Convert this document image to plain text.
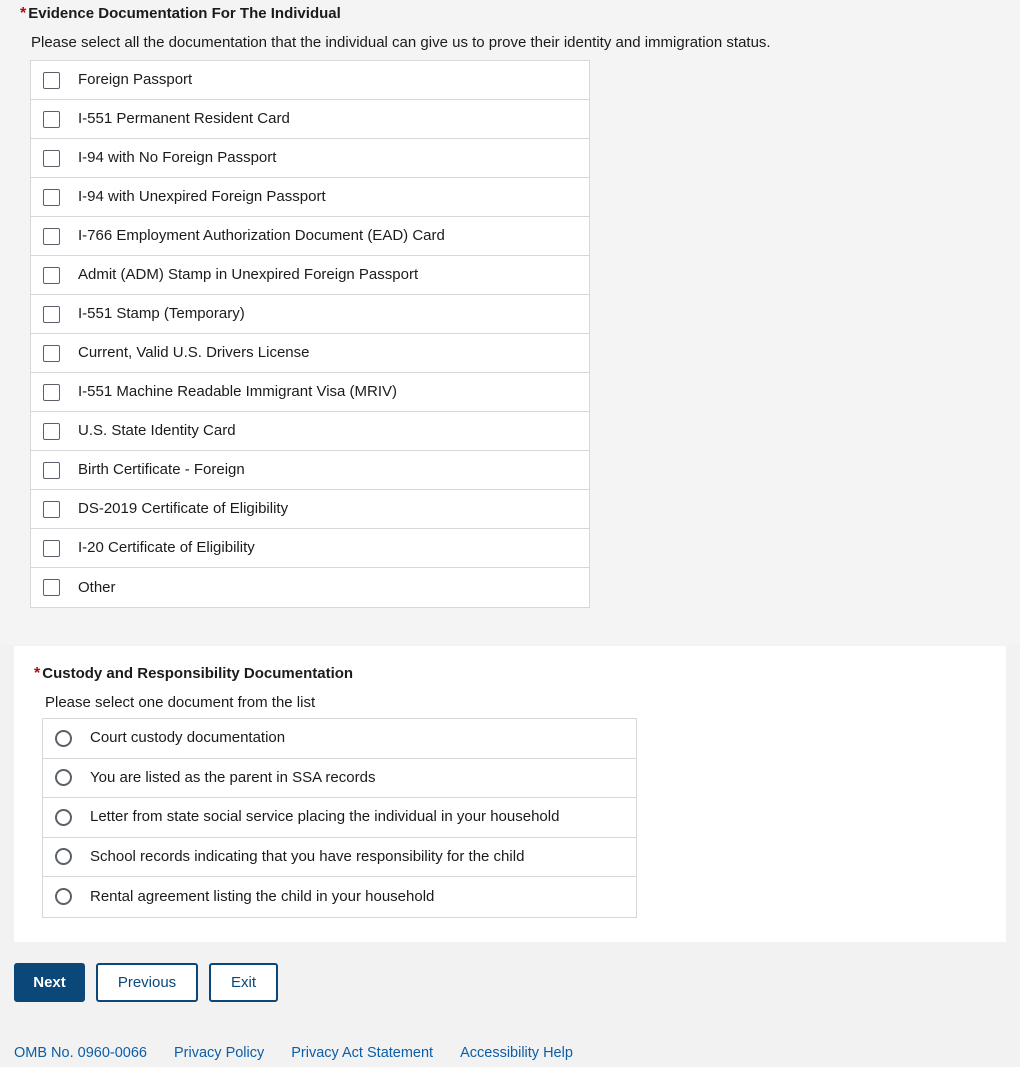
* Evidence Documentation For The Individual

Please select all the documentation that the individual can give us to prove their identity and immigration status.

Foreign Passport
I-551 Permanent Resident Card
I-94 with No Foreign Passport
I-94 with Unexpired Foreign Passport
I-766 Employment Authorization Document (EAD) Card
Admit (ADM) Stamp in Unexpired Foreign Passport
I-551 Stamp (Temporary)
Current, Valid U.S. Drivers License
I-551 Machine Readable Immigrant Visa (MRIV)
U.S. State Identity Card
Birth Certificate - Foreign
DS-2019 Certificate of Eligibility
I-20 Certificate of Eligibility
Other
* Custody and Responsibility Documentation

Please select one document from the list

Court custody documentation
You are listed as the parent in SSA records
Letter from state social service placing the individual in your household
School records indicating that you have responsibility for the child
Rental agreement listing the child in your household
Next	Previous	Exit
OMB No. 0960-0066 Privacy Policy Privacy Act Statement Accessibility Help
